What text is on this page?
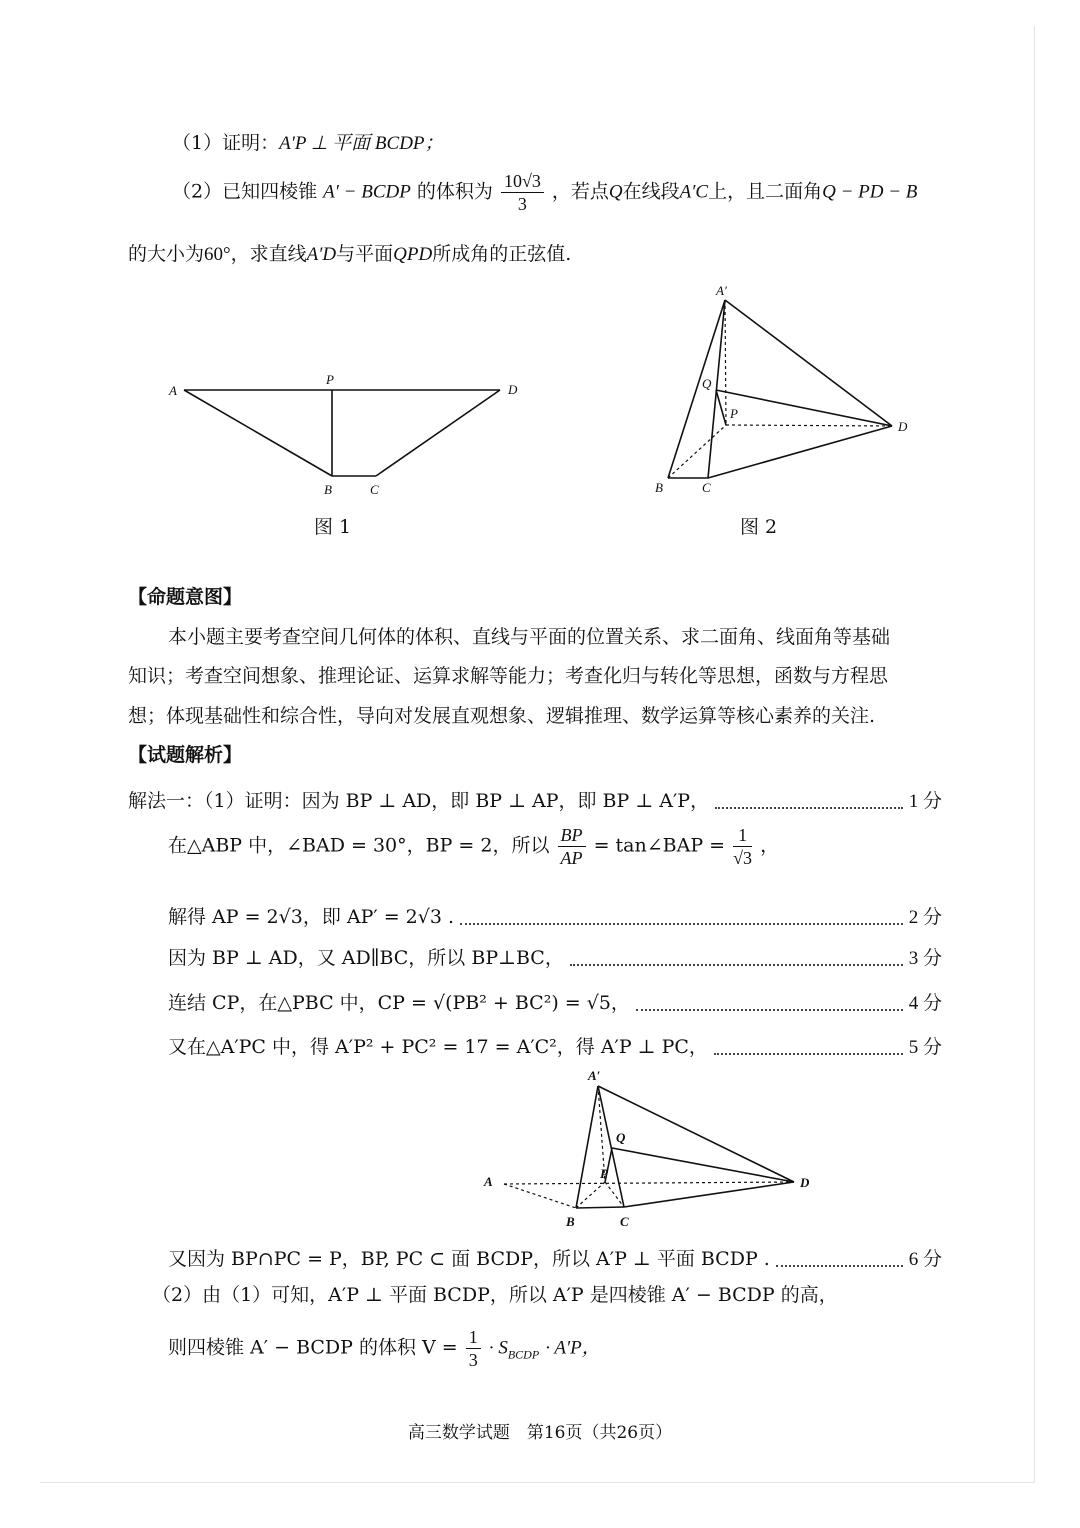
（1）证明：A′P ⊥ 平面 BCDP；
（2）已知四棱锥 A′ − BCDP 的体积为 $\frac{10√3}{3}$ ，若点Q在线段A′C上，且二面角Q − PD − B
的大小为60°，求直线A′D与平面QPD所成角的正弦值.
A
P
D
B	C
图 1
A′
Q
P
D
B	C
图 2
【命题意图】
本小题主要考查空间几何体的体积、直线与平面的位置关系、求二面角、线面角等基础
知识；考查空间想象、推理论证、运算求解等能力；考查化归与转化等思想，函数与方程思
想；体现基础性和综合性，导向对发展直观想象、逻辑推理、数学运算等核心素养的关注.
【试题解析】
解法一：（1）证明：因为 BP ⊥ AD，即 BP ⊥ AP，即 BP ⊥ A′P，	1 分
在△ABP 中，∠BAD = 30°，BP = 2，所以 $\frac{BP}{AP}$ = tan∠BAP = $\frac{1}{√3}$ ，
解得 AP = 2√3，即 AP′ = 2√3 .	2 分
因为 BP ⊥ AD，又 AD∥BC，所以 BP⊥BC，	3 分
连结 CP，在△PBC 中，CP = √(PB² + BC²) = √5，	4 分
又在△A′PC 中，得 A′P² + PC² = 17 = A′C²，得 A′P ⊥ PC，	5 分
A′
Q
P
D
A
B	C
又因为 BP∩PC = P，BP, PC ⊂ 面 BCDP，所以 A′P ⊥ 平面 BCDP .	6 分
（2）由（1）可知，A′P ⊥ 平面 BCDP，所以 A′P 是四棱锥 A′ − BCDP 的高，
则四棱锥 A′ − BCDP 的体积 $V = \frac{1}{3} \cdot S_{BCDP} \cdot A'P$，
高三数学试题　第16页（共26页）
